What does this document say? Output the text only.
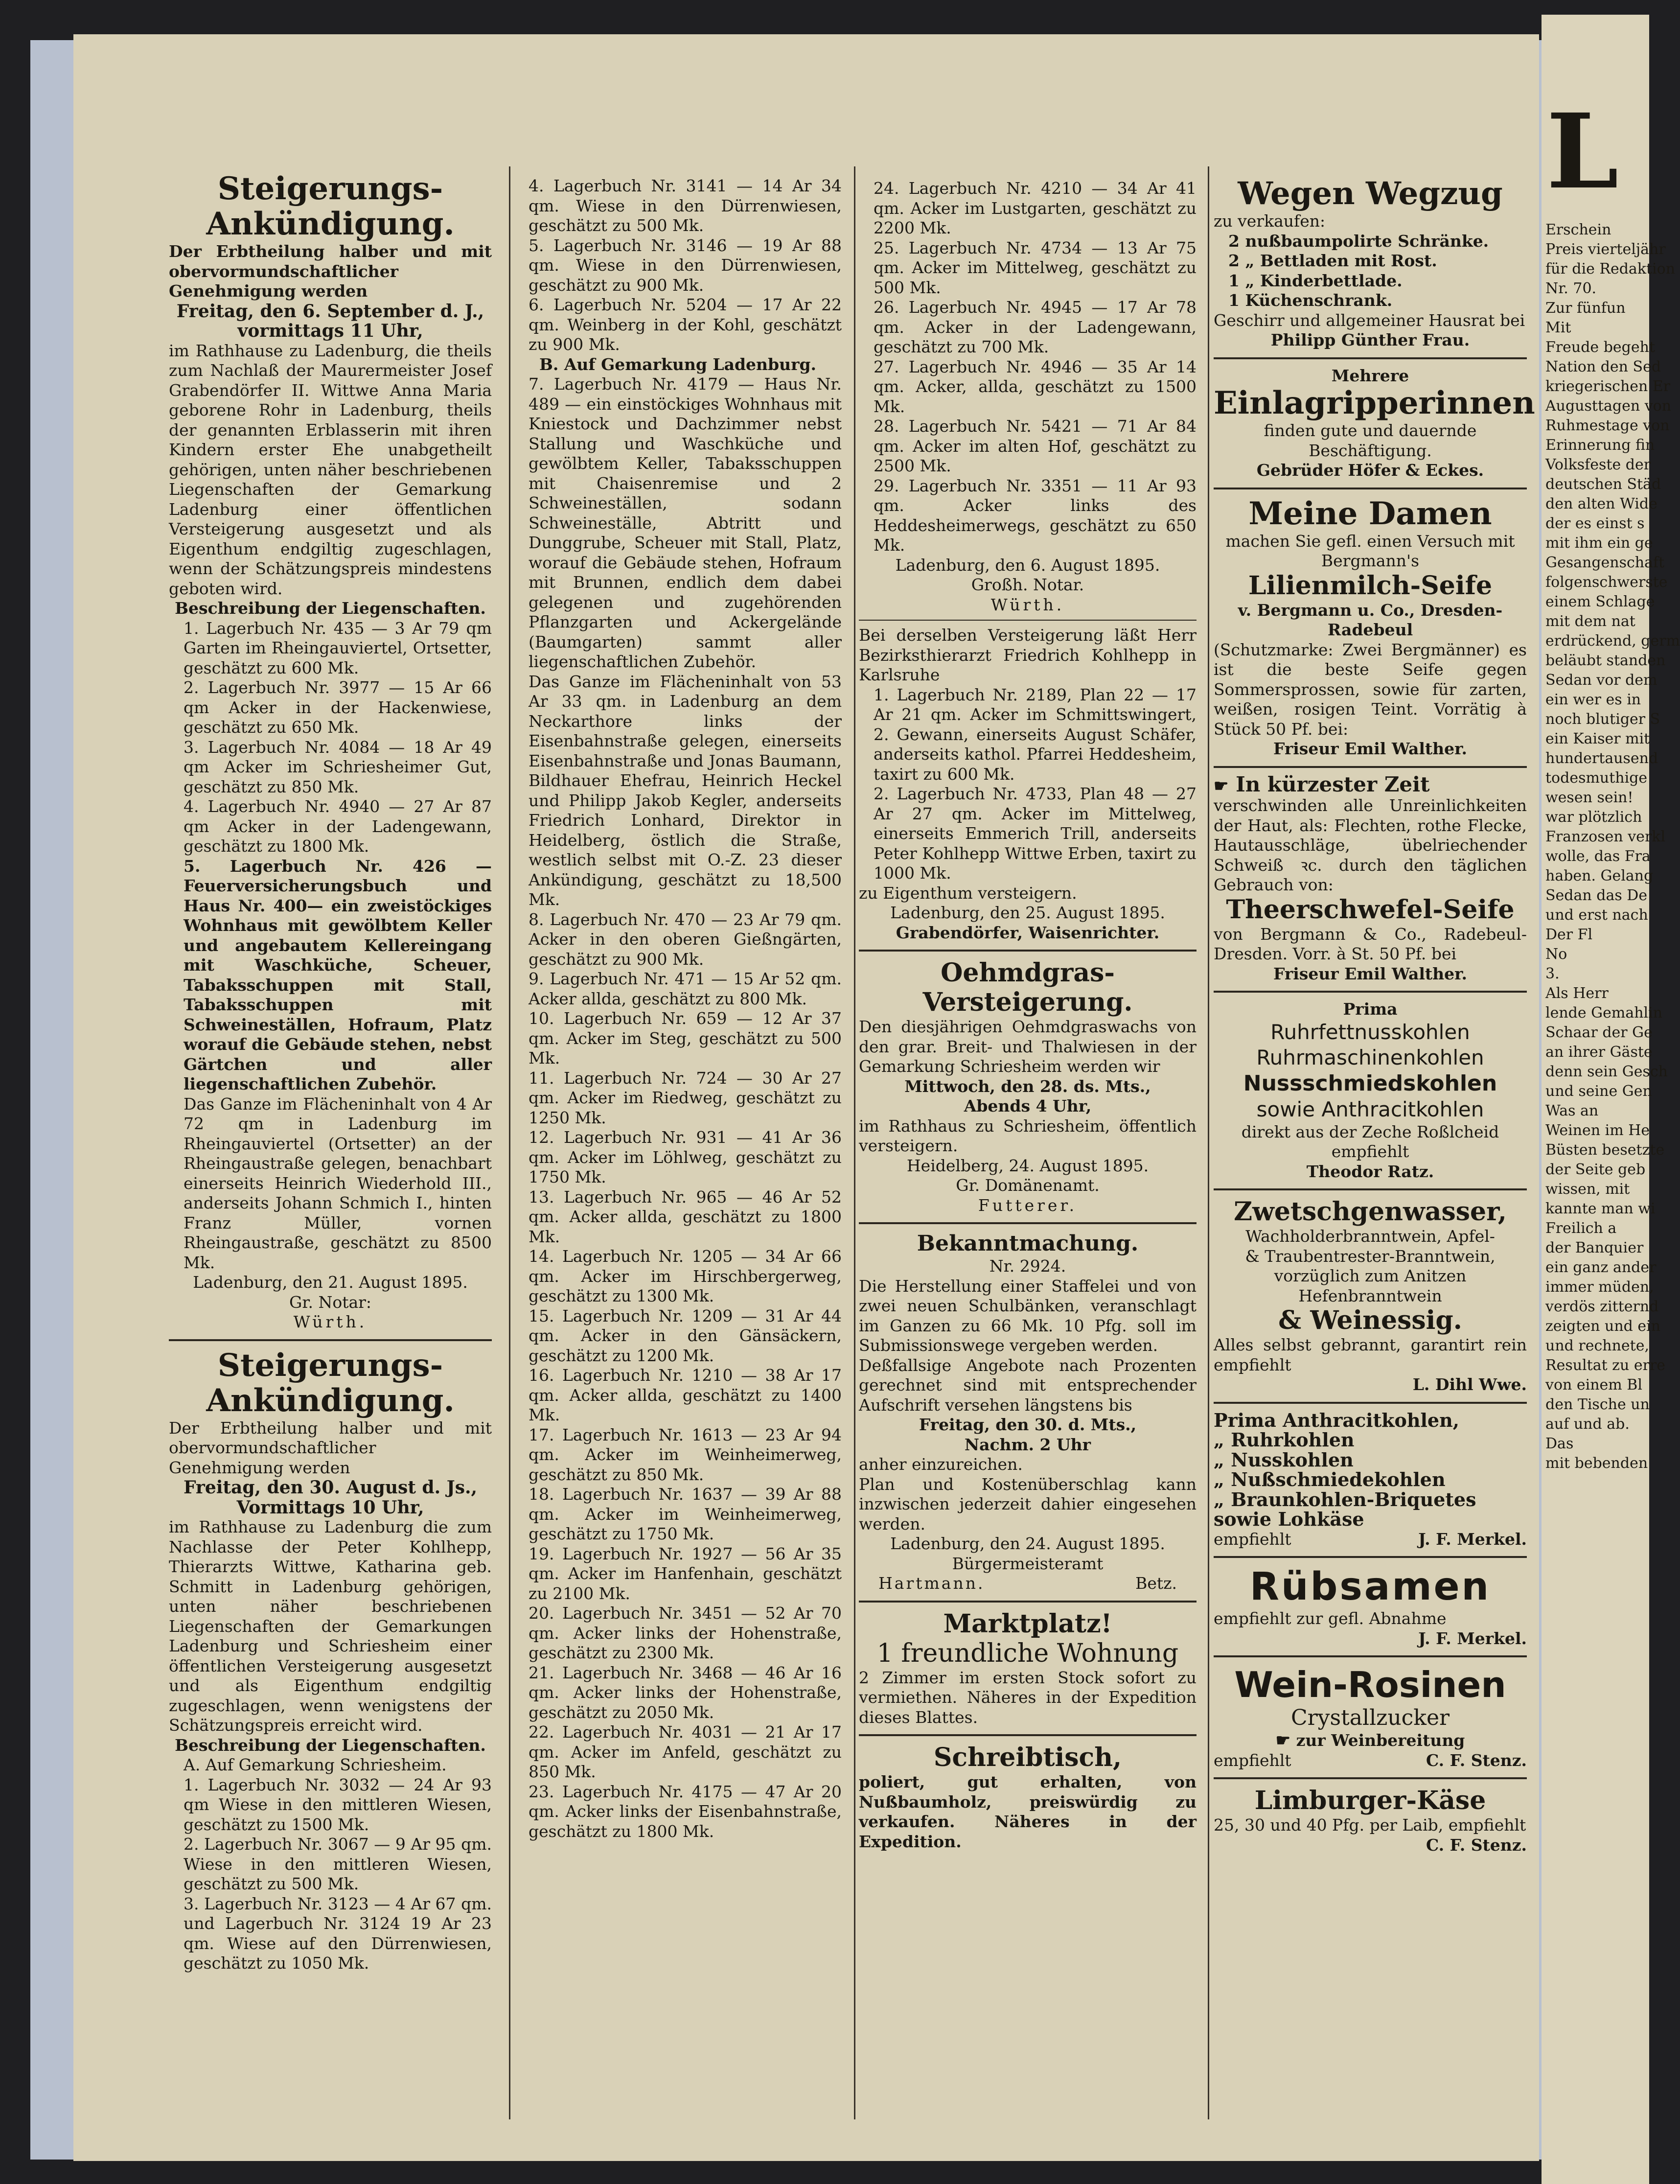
Steigerungs-
Ankündigung.

Der Erbtheilung halber und mit obervormundschaftlicher Genehmigung werden

Freitag, den 6. September d. J.,

vormittags 11 Uhr,

im Rathhause zu Ladenburg, die theils zum Nachlaß der Maurermeister Josef Grabendörfer II. Wittwe Anna Maria geborene Rohr in Ladenburg, theils der genannten Erblasserin mit ihren Kindern erster Ehe unabgetheilt gehörigen, unten näher beschriebenen Liegenschaften der Gemarkung Ladenburg einer öffentlichen Versteigerung ausgesetzt und als Eigenthum endgiltig zugeschlagen, wenn der Schätzungspreis mindestens geboten wird.

Beschreibung der Liegenschaften.

1. Lagerbuch Nr. 435 — 3 Ar 79 qm Garten im Rheingauviertel, Ortsetter, geschätzt zu 600 Mk.

2. Lagerbuch Nr. 3977 — 15 Ar 66 qm Acker in der Hackenwiese, geschätzt zu 650 Mk.

3. Lagerbuch Nr. 4084 — 18 Ar 49 qm Acker im Schriesheimer Gut, geschätzt zu 850 Mk.

4. Lagerbuch Nr. 4940 — 27 Ar 87 qm Acker in der Ladengewann, geschätzt zu 1800 Mk.

5. Lagerbuch Nr. 426 — Feuerversicherungsbuch und Haus Nr. 400— ein zweistöckiges Wohnhaus mit gewölbtem Keller und angebautem Kellereingang mit Waschküche, Scheuer, Tabaksschuppen mit Stall, Tabaksschuppen mit Schweineställen, Hofraum, Platz worauf die Gebäude stehen, nebst Gärtchen und aller liegenschaftlichen Zubehör.

Das Ganze im Flächeninhalt von 4 Ar 72 qm in Ladenburg im Rheingauviertel (Ortsetter) an der Rheingaustraße gelegen, benachbart einerseits Heinrich Wiederhold III., anderseits Johann Schmich I., hinten Franz Müller, vornen Rheingaustraße, geschätzt zu 8500 Mk.

Ladenburg, den 21. August 1895.

Gr. Notar:

Würth.

Steigerungs-
Ankündigung.

Der Erbtheilung halber und mit obervormundschaftlicher Genehmigung werden

Freitag, den 30. August d. Js.,

Vormittags 10 Uhr,

im Rathhause zu Ladenburg die zum Nachlasse der Peter Kohlhepp, Thierarzts Wittwe, Katharina geb. Schmitt in Ladenburg gehörigen, unten näher beschriebenen Liegenschaften der Gemarkungen Ladenburg und Schriesheim einer öffentlichen Versteigerung ausgesetzt und als Eigenthum endgiltig zugeschlagen, wenn wenigstens der Schätzungspreis erreicht wird.

Beschreibung der Liegenschaften.

A. Auf Gemarkung Schriesheim.

1. Lagerbuch Nr. 3032 — 24 Ar 93 qm Wiese in den mittleren Wiesen, geschätzt zu 1500 Mk.

2. Lagerbuch Nr. 3067 — 9 Ar 95 qm. Wiese in den mittleren Wiesen, geschätzt zu 500 Mk.

3. Lagerbuch Nr. 3123 — 4 Ar 67 qm. und Lagerbuch Nr. 3124 19 Ar 23 qm. Wiese auf den Dürrenwiesen, geschätzt zu 1050 Mk.

4. Lagerbuch Nr. 3141 — 14 Ar 34 qm. Wiese in den Dürrenwiesen, geschätzt zu 500 Mk.

5. Lagerbuch Nr. 3146 — 19 Ar 88 qm. Wiese in den Dürrenwiesen, geschätzt zu 900 Mk.

6. Lagerbuch Nr. 5204 — 17 Ar 22 qm. Weinberg in der Kohl, geschätzt zu 900 Mk.

B. Auf Gemarkung Ladenburg.

7. Lagerbuch Nr. 4179 — Haus Nr. 489 — ein einstöckiges Wohnhaus mit Kniestock und Dachzimmer nebst Stallung und Waschküche und gewölbtem Keller, Tabaksschuppen mit Chaisenremise und 2 Schweineställen, sodann Schweineställe, Abtritt und Dunggrube, Scheuer mit Stall, Platz, worauf die Gebäude stehen, Hofraum mit Brunnen, endlich dem dabei gelegenen und zugehörenden Pflanzgarten und Ackergelände (Baumgarten) sammt aller liegenschaftlichen Zubehör.

Das Ganze im Flächeninhalt von 53 Ar 33 qm. in Ladenburg an dem Neckarthore links der Eisenbahnstraße gelegen, einerseits Eisenbahnstraße und Jonas Baumann, Bildhauer Ehefrau, Heinrich Heckel und Philipp Jakob Kegler, anderseits Friedrich Lonhard, Direktor in Heidelberg, östlich die Straße, westlich selbst mit O.-Z. 23 dieser Ankündigung, geschätzt zu 18,500 Mk.

8. Lagerbuch Nr. 470 — 23 Ar 79 qm. Acker in den oberen Gießngärten, geschätzt zu 900 Mk.

9. Lagerbuch Nr. 471 — 15 Ar 52 qm. Acker allda, geschätzt zu 800 Mk.

10. Lagerbuch Nr. 659 — 12 Ar 37 qm. Acker im Steg, geschätzt zu 500 Mk.

11. Lagerbuch Nr. 724 — 30 Ar 27 qm. Acker im Riedweg, geschätzt zu 1250 Mk.

12. Lagerbuch Nr. 931 — 41 Ar 36 qm. Acker im Löhlweg, geschätzt zu 1750 Mk.

13. Lagerbuch Nr. 965 — 46 Ar 52 qm. Acker allda, geschätzt zu 1800 Mk.

14. Lagerbuch Nr. 1205 — 34 Ar 66 qm. Acker im Hirschbergerweg, geschätzt zu 1300 Mk.

15. Lagerbuch Nr. 1209 — 31 Ar 44 qm. Acker in den Gänsäckern, geschätzt zu 1200 Mk.

16. Lagerbuch Nr. 1210 — 38 Ar 17 qm. Acker allda, geschätzt zu 1400 Mk.

17. Lagerbuch Nr. 1613 — 23 Ar 94 qm. Acker im Weinheimerweg, geschätzt zu 850 Mk.

18. Lagerbuch Nr. 1637 — 39 Ar 88 qm. Acker im Weinheimerweg, geschätzt zu 1750 Mk.

19. Lagerbuch Nr. 1927 — 56 Ar 35 qm. Acker im Hanfenhain, geschätzt zu 2100 Mk.

20. Lagerbuch Nr. 3451 — 52 Ar 70 qm. Acker links der Hohenstraße, geschätzt zu 2300 Mk.

21. Lagerbuch Nr. 3468 — 46 Ar 16 qm. Acker links der Hohenstraße, geschätzt zu 2050 Mk.

22. Lagerbuch Nr. 4031 — 21 Ar 17 qm. Acker im Anfeld, geschätzt zu 850 Mk.

23. Lagerbuch Nr. 4175 — 47 Ar 20 qm. Acker links der Eisenbahnstraße, geschätzt zu 1800 Mk.

24. Lagerbuch Nr. 4210 — 34 Ar 41 qm. Acker im Lustgarten, geschätzt zu 2200 Mk.

25. Lagerbuch Nr. 4734 — 13 Ar 75 qm. Acker im Mittelweg, geschätzt zu 500 Mk.

26. Lagerbuch Nr. 4945 — 17 Ar 78 qm. Acker in der Ladengewann, geschätzt zu 700 Mk.

27. Lagerbuch Nr. 4946 — 35 Ar 14 qm. Acker, allda, geschätzt zu 1500 Mk.

28. Lagerbuch Nr. 5421 — 71 Ar 84 qm. Acker im alten Hof, geschätzt zu 2500 Mk.

29. Lagerbuch Nr. 3351 — 11 Ar 93 qm. Acker links des Heddesheimerwegs, geschätzt zu 650 Mk.

Ladenburg, den 6. August 1895.

Großh. Notar.

Würth.

Bei derselben Versteigerung läßt Herr Bezirksthierarzt Friedrich Kohlhepp in Karlsruhe

1. Lagerbuch Nr. 2189, Plan 22 — 17 Ar 21 qm. Acker im Schmittswingert, 2. Gewann, einerseits August Schäfer, anderseits kathol. Pfarrei Heddesheim, taxirt zu 600 Mk.

2. Lagerbuch Nr. 4733, Plan 48 — 27 Ar 27 qm. Acker im Mittelweg, einerseits Emmerich Trill, anderseits Peter Kohlhepp Wittwe Erben, taxirt zu 1000 Mk.

zu Eigenthum versteigern.

Ladenburg, den 25. August 1895.

Grabendörfer, Waisenrichter.

Oehmdgras-
Versteigerung.

Den diesjährigen Oehmdgraswachs von den grar. Breit- und Thalwiesen in der Gemarkung Schriesheim werden wir

Mittwoch, den 28. ds. Mts.,

Abends 4 Uhr,

im Rathhaus zu Schriesheim, öffentlich versteigern.

Heidelberg, 24. August 1895.

Gr. Domänenamt.

Futterer.

Bekanntmachung.

Nr. 2924.

Die Herstellung einer Staffelei und von zwei neuen Schulbänken, veranschlagt im Ganzen zu 66 Mk. 10 Pfg. soll im Submissionswege vergeben werden.

Deßfallsige Angebote nach Prozenten gerechnet sind mit entsprechender Aufschrift versehen längstens bis

Freitag, den 30. d. Mts.,

Nachm. 2 Uhr

anher einzureichen.

Plan und Kostenüberschlag kann inzwischen jederzeit dahier eingesehen werden.

Ladenburg, den 24. August 1895.

Bürgermeisteramt

Hartmann.	Betz.

Marktplatz!
1 freundliche Wohnung

2 Zimmer im ersten Stock sofort zu vermiethen. Näheres in der Expedition dieses Blattes.

Schreibtisch,

poliert, gut erhalten, von Nußbaumholz, preiswürdig zu verkaufen. Näheres in der Expedition.

Wegen Wegzug

zu verkaufen:

2 nußbaumpolirte Schränke.

2 „ Bettladen mit Rost.

1 „ Kinderbettlade.

1 Küchenschrank.

Geschirr und allgemeiner Hausrat bei

Philipp Günther Frau.

Mehrere

Einlagripperinnen

finden gute und dauernde Beschäftigung.

Gebrüder Höfer & Eckes.

Meine Damen

machen Sie gefl. einen Versuch mit Bergmann's

Lilienmilch-Seife

v. Bergmann u. Co., Dresden-Radebeul

(Schutzmarke: Zwei Bergmänner) es ist die beste Seife gegen Sommersprossen, sowie für zarten, weißen, rosigen Teint. Vorrätig à Stück 50 Pf. bei:

Friseur Emil Walther.

☛ In kürzester Zeit

verschwinden alle Unreinlichkeiten der Haut, als: Flechten, rothe Flecke, Hautausschläge, übelriechender Schweiß ꝛc. durch den täglichen Gebrauch von:

Theerschwefel-Seife

von Bergmann & Co., Radebeul-Dresden. Vorr. à St. 50 Pf. bei

Friseur Emil Walther.

Prima

Ruhrfettnusskohlen
Ruhrmaschinenkohlen
Nussschmiedskohlen
sowie Anthracitkohlen

direkt aus der Zeche Roßlcheid empfiehlt

Theodor Ratz.

Zwetschgenwasser,

Wachholderbranntwein, Apfel-

& Traubentrester-Branntwein,

vorzüglich zum Anitzen

Hefenbranntwein

& Weinessig.

Alles selbst gebrannt, garantirt rein empfiehlt

L. Dihl Wwe.

Prima Anthracitkohlen,

„ Ruhrkohlen

„ Nusskohlen

„ Nußschmiedekohlen

„ Braunkohlen-Briquetes

sowie Lohkäse

empfiehlt	J. F. Merkel.

Rübsamen

empfiehlt zur gefl. Abnahme

J. F. Merkel.

Wein-Rosinen
Crystallzucker

☛ zur Weinbereitung

empfiehlt	C. F. Stenz.

Limburger-Käse

25, 30 und 40 Pfg. per Laib, empfiehlt

C. F. Stenz.

L
Erschein
Preis vierteljähr
für die Redaktion
Nr. 70.
Zur fünfun
Mit
Freude begeht
Nation den Sed
kriegerischen Er
Augusttagen von
Ruhmestage von
Erinnerung fin
Volksfeste der
deutschen Städ
den alten Wide
der es einst s
mit ihm ein ge
Gesangenschaft
folgenschwerste
einem Schlage
mit dem nat
erdrückend, germ
beläubt standen
Sedan vor dem
ein wer es in
noch blutiger S
ein Kaiser mit
hundertausend
todesmuthige
wesen sein!
war plötzlich
Franzosen verkl
wolle, das Fra
haben. Gelang
Sedan das De
und erst nach
Der Fl
No
3.
Als Herr
lende Gemahlin
Schaar der Ge
an ihrer Gäste
denn sein Gesch
und seine Gen
Was an
Weinen im He
Büsten besetzte
der Seite geb
wissen, mit
kannte man wi
Freilich a
der Banquier
ein ganz ander
immer müden,
verdös zitternd
zeigten und ein
und rechnete,
Resultat zu erre
von einem Bl
den Tische un
auf und ab.
Das
mit bebenden
